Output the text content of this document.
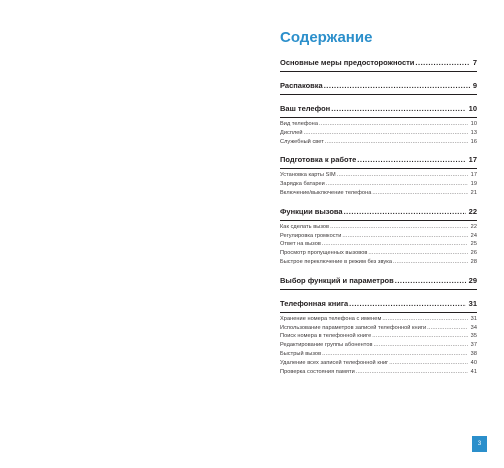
Содержание
Основные меры предосторожности .....	7
Распаковка .....	9
Ваш телефон .....	10
Вид телефона .....	10
Дисплей .....	13
Служебный свет .....	16
Подготовка к работе .....	17
Установка карты SIM .....	17
Зарядка батареи .....	19
Включение/выключение телефона .....	21
Функции вызова .....	22
Как сделать вызов .....	22
Регулировка громкости .....	24
Ответ на вызов .....	25
Просмотр пропущенных вызовов .....	26
Быстрое переключение в режим без звука .....	28
Выбор функций и параметров .....	29
Телефонная книга .....	31
Хранение номера телефона с именем .....	31
Использование параметров записей телефонной книги .....	34
Поиск номера в телефонной книге .....	35
Редактирование группы абонентов .....	37
Быстрый вызов .....	38
Удаление всех записей телефонной книг .....	40
Проверка состояния памяти .....	41
3
